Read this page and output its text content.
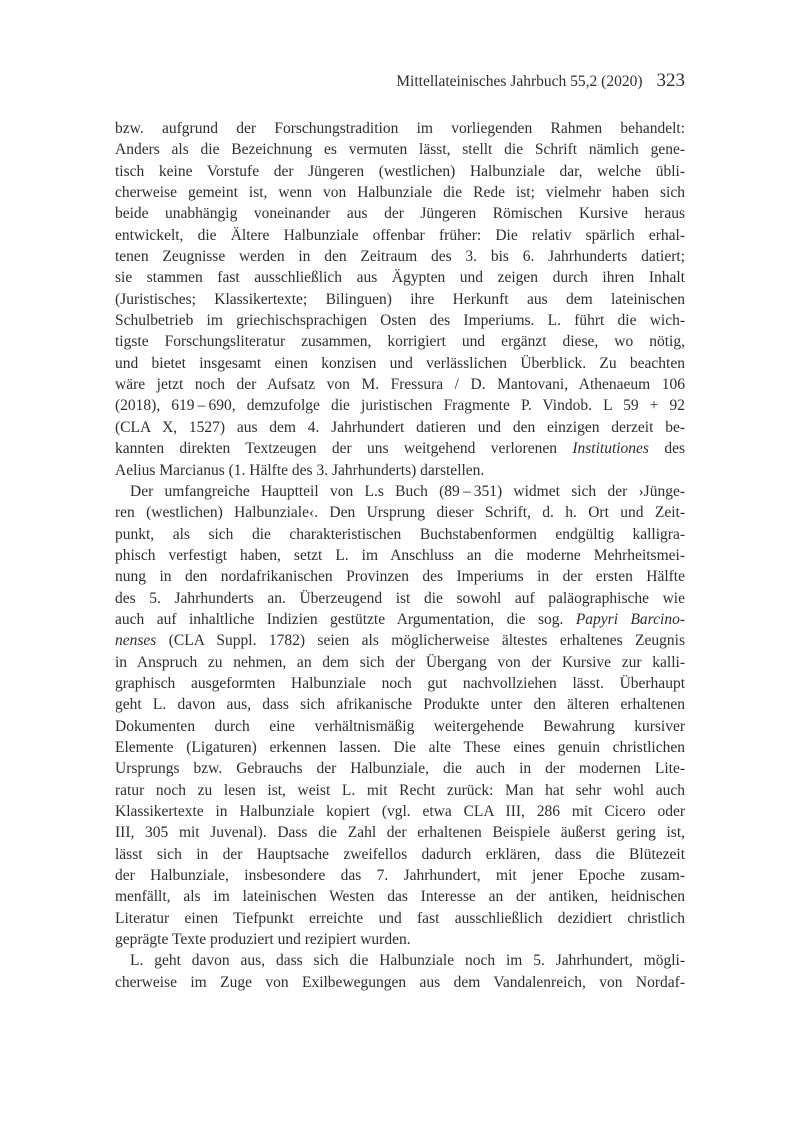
Mittellateinisches Jahrbuch 55,2 (2020) 323
bzw. aufgrund der Forschungstradition im vorliegenden Rahmen behandelt:
Anders als die Bezeichnung es vermuten lässt, stellt die Schrift nämlich gene-
tisch keine Vorstufe der Jüngeren (westlichen) Halbunziale dar, welche übli-
cherweise gemeint ist, wenn von Halbunziale die Rede ist; vielmehr haben sich
beide unabhängig voneinander aus der Jüngeren Römischen Kursive heraus
entwickelt, die Ältere Halbunziale offenbar früher: Die relativ spärlich erhal-
tenen Zeugnisse werden in den Zeitraum des 3. bis 6. Jahrhunderts datiert;
sie stammen fast ausschließlich aus Ägypten und zeigen durch ihren Inhalt
(Juristisches; Klassikertexte; Bilinguen) ihre Herkunft aus dem lateinischen
Schulbetrieb im griechischsprachigen Osten des Imperiums. L. führt die wich-
tigste Forschungsliteratur zusammen, korrigiert und ergänzt diese, wo nötig,
und bietet insgesamt einen konzisen und verlässlichen Überblick. Zu beachten
wäre jetzt noch der Aufsatz von M. Fressura / D. Mantovani, Athenaeum 106
(2018), 619 – 690, demzufolge die juristischen Fragmente P. Vindob. L 59 + 92
(CLA X, 1527) aus dem 4. Jahrhundert datieren und den einzigen derzeit be-
kannten direkten Textzeugen der uns weitgehend verlorenen Institutiones des
Aelius Marcianus (1. Hälfte des 3. Jahrhunderts) darstellen.
Der umfangreiche Hauptteil von L.s Buch (89 – 351) widmet sich der ›Jünge-
ren (westlichen) Halbunziale‹. Den Ursprung dieser Schrift, d. h. Ort und Zeit-
punkt, als sich die charakteristischen Buchstabenformen endgültig kalligra-
phisch verfestigt haben, setzt L. im Anschluss an die moderne Mehrheitsmei-
nung in den nordafrikanischen Provinzen des Imperiums in der ersten Hälfte
des 5. Jahrhunderts an. Überzeugend ist die sowohl auf paläographische wie
auch auf inhaltliche Indizien gestützte Argumentation, die sog. Papyri Barcino-
nenses (CLA Suppl. 1782) seien als möglicherweise ältestes erhaltenes Zeugnis
in Anspruch zu nehmen, an dem sich der Übergang von der Kursive zur kalli-
graphisch ausgeformten Halbunziale noch gut nachvollziehen lässt. Überhaupt
geht L. davon aus, dass sich afrikanische Produkte unter den älteren erhaltenen
Dokumenten durch eine verhältnismäßig weitergehende Bewahrung kursiver
Elemente (Ligaturen) erkennen lassen. Die alte These eines genuin christlichen
Ursprungs bzw. Gebrauchs der Halbunziale, die auch in der modernen Lite-
ratur noch zu lesen ist, weist L. mit Recht zurück: Man hat sehr wohl auch
Klassikertexte in Halbunziale kopiert (vgl. etwa CLA III, 286 mit Cicero oder
III, 305 mit Juvenal). Dass die Zahl der erhaltenen Beispiele äußerst gering ist,
lässt sich in der Hauptsache zweifellos dadurch erklären, dass die Blütezeit
der Halbunziale, insbesondere das 7. Jahrhundert, mit jener Epoche zusam-
menfällt, als im lateinischen Westen das Interesse an der antiken, heidnischen
Literatur einen Tiefpunkt erreichte und fast ausschließlich dezidiert christlich
geprägte Texte produziert und rezipiert wurden.
L. geht davon aus, dass sich die Halbunziale noch im 5. Jahrhundert, mögli-
cherweise im Zuge von Exilbewegungen aus dem Vandalenreich, von Nordaf-
